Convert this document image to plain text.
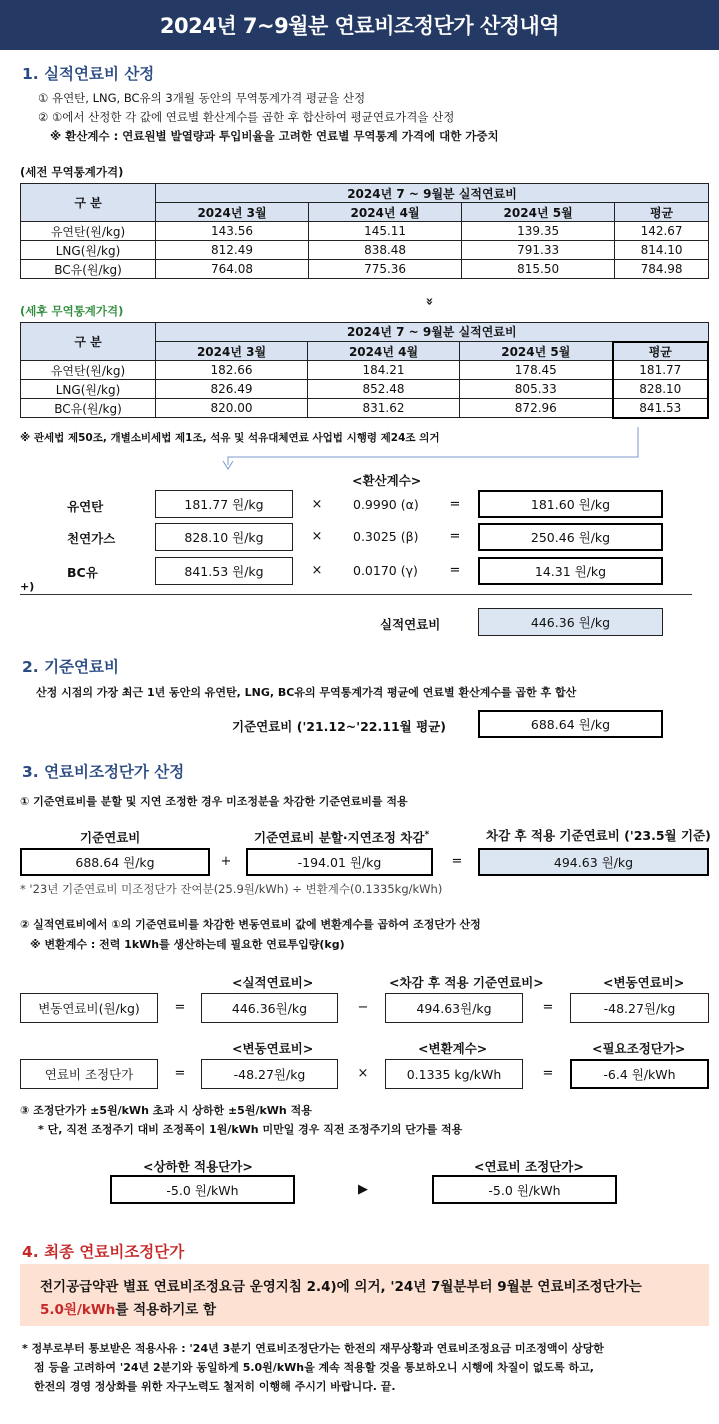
2024년 7~9월분 연료비조정단가 산정내역
1. 실적연료비 산정
① 유연탄, LNG, BC유의 3개월 동안의 무역통계가격 평균을 산정
② ①에서 산정한 각 값에 연료별 환산계수를 곱한 후 합산하여 평균연료가격을 산정
※ 환산계수 : 연료원별 발열량과 투입비율을 고려한 연료별 무역통계 가격에 대한 가중치
(세전 무역통계가격)
구 분	2024년 7 ~ 9월분 실적연료비			
	2024년 3월	2024년 4월	2024년 5월	평균
유연탄(원/kg)	143.56	145.11	139.35	142.67
LNG(원/kg)	812.49	838.48	791.33	814.10
BC유(원/kg)	764.08	775.36	815.50	784.98
»
(세후 무역통계가격)
구 분	2024년 7 ~ 9월분 실적연료비			
	2024년 3월	2024년 4월	2024년 5월	평균
유연탄(원/kg)	182.66	184.21	178.45	181.77
LNG(원/kg)	826.49	852.48	805.33	828.10
BC유(원/kg)	820.00	831.62	872.96	841.53
※ 관세법 제50조, 개별소비세법 제1조, 석유 및 석유대체연료 사업법 시행령 제24조 의거
<환산계수>
유연탄	181.77 원/kg	×	0.9990 (α)	=	181.60 원/kg
천연가스	828.10 원/kg	×	0.3025 (β)	=	250.46 원/kg
BC유	841.53 원/kg	×	0.0170 (γ)	=	14.31 원/kg
+)
실적연료비	446.36 원/kg
2. 기준연료비
산정 시점의 가장 최근 1년 동안의 유연탄, LNG, BC유의 무역통계가격 평균에 연료별 환산계수를 곱한 후 합산
기준연료비 ('21.12~'22.11월 평균)	688.64 원/kg
3. 연료비조정단가 산정
① 기준연료비를 분할 및 지연 조정한 경우 미조정분을 차감한 기준연료비를 적용
기준연료비	기준연료비 분할·지연조정 차감*	차감 후 적용 기준연료비 ('23.5월 기준)
688.64 원/kg	+	-194.01 원/kg	=	494.63 원/kg
* '23년 기준연료비 미조정단가 잔여분(25.9원/kWh) ÷ 변환계수(0.1335kg/kWh)
② 실적연료비에서 ①의 기준연료비를 차감한 변동연료비 값에 변환계수를 곱하여 조정단가 산정
※ 변환계수 : 전력 1kWh를 생산하는데 필요한 연료투입량(kg)
<실적연료비>	<차감 후 적용 기준연료비>	<변동연료비>
변동연료비(원/kg)	=	446.36원/kg	−	494.63원/kg	=	-48.27원/kg
<변동연료비>	<변환계수>	<필요조정단가>
연료비 조정단가	=	-48.27원/kg	×	0.1335 kg/kWh	=	-6.4 원/kWh
③ 조정단가가 ±5원/kWh 초과 시 상하한 ±5원/kWh 적용
* 단, 직전 조정주기 대비 조정폭이 1원/kWh 미만일 경우 직전 조정주기의 단가를 적용
<상하한 적용단가>
-5.0 원/kWh	▶
<연료비 조정단가>
-5.0 원/kWh
4. 최종 연료비조정단가

전기공급약관 별표 연료비조정요금 운영지침 2.4)에 의거, '24년 7월분부터 9월분 연료비조정단가는

5.0원/kWh를 적용하기로 함

* 정부로부터 통보받은 적용사유 : '24년 3분기 연료비조정단가는 한전의 재무상황과 연료비조정요금 미조정액이 상당한
점 등을 고려하여 '24년 2분기와 동일하게 5.0원/kWh을 계속 적용할 것을 통보하오니 시행에 차질이 없도록 하고,
한전의 경영 정상화를 위한 자구노력도 철저히 이행해 주시기 바랍니다. 끝.
